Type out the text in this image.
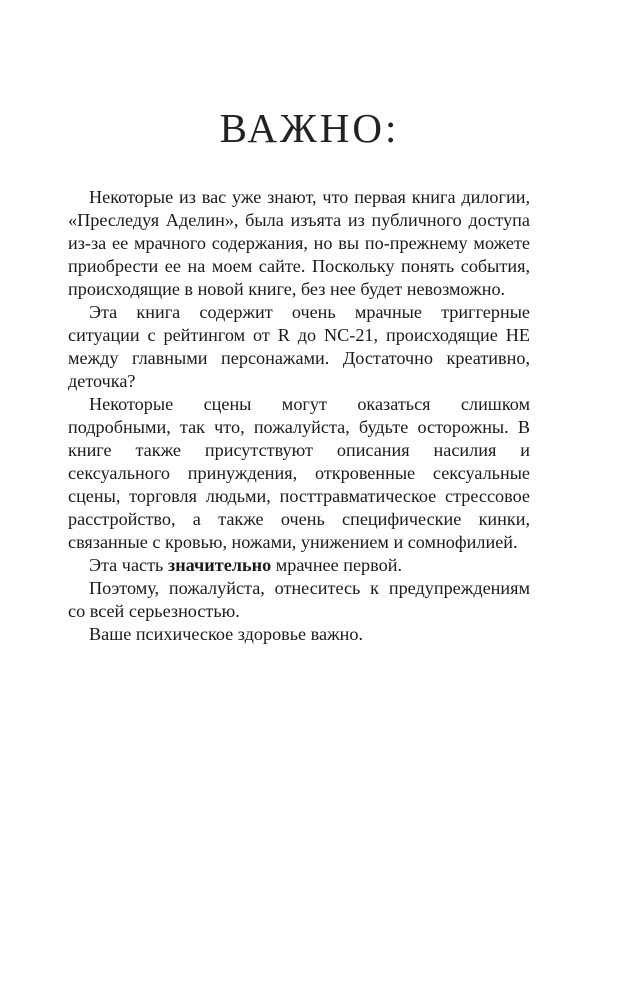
ВАЖНО:

Некоторые из вас уже знают, что первая книга дилогии, «Преследуя Аделин», была изъята из публичного доступа из-за ее мрачного содержания, но вы по-прежнему можете приобрести ее на моем сайте. Поскольку понять события, происходящие в новой книге, без нее будет невозможно.

Эта книга содержит очень мрачные триггерные ситуации с рейтингом от R до NC-21, происходящие НЕ между главными персонажами. Достаточно креативно, деточка?

Некоторые сцены могут оказаться слишком подробными, так что, пожалуйста, будьте осторожны. В книге также присутствуют описания насилия и сексуального принуждения, откровенные сексуальные сцены, торговля людьми, посттравматическое стрессовое расстройство, а также очень специфические кинки, связанные с кровью, ножами, унижением и сомнофилией.

Эта часть значительно мрачнее первой.

Поэтому, пожалуйста, отнеситесь к предупреждениям со всей серьезностью.

Ваше психическое здоровье важно.
